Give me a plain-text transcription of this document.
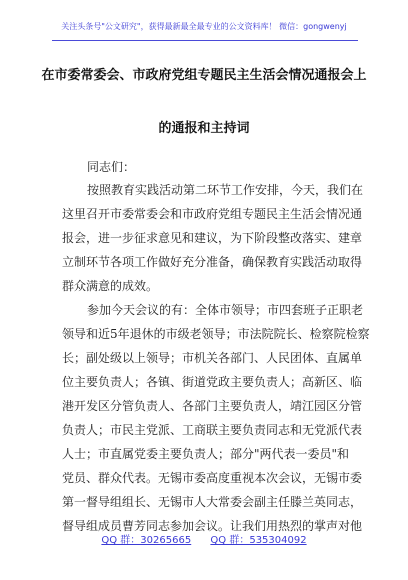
关注头条号"公文研究"，获得最新最全最专业的公文资料库！ 微信：gongwenyj
在市委常委会、市政府党组专题民主生活会情况通报会上
的通报和主持词
同志们：
按照教育实践活动第二环节工作安排，今天，我们在
这里召开市委常委会和市政府党组专题民主生活会情况通
报会，进一步征求意见和建议，为下阶段整改落实、建章
立制环节各项工作做好充分准备，确保教育实践活动取得
群众满意的成效。
参加今天会议的有：全体市领导；市四套班子正职老
领导和近5年退休的市级老领导；市法院院长、检察院检察
长；副处级以上领导；市机关各部门、人民团体、直属单
位主要负责人；各镇、街道党政主要负责人；高新区、临
港开发区分管负责人、各部门主要负责人，靖江园区分管
负责人；市民主党派、工商联主要负责同志和无党派代表
人士；市直属党委主要负责人；部分"两代表一委员"和
党员、群众代表。无锡市委高度重视本次会议，无锡市委
第一督导组组长、无锡市人大常委会副主任滕兰英同志，
督导组成员曹芳同志参加会议。让我们用热烈的掌声对他
QQ 群：30265665 QQ 群：535304092
